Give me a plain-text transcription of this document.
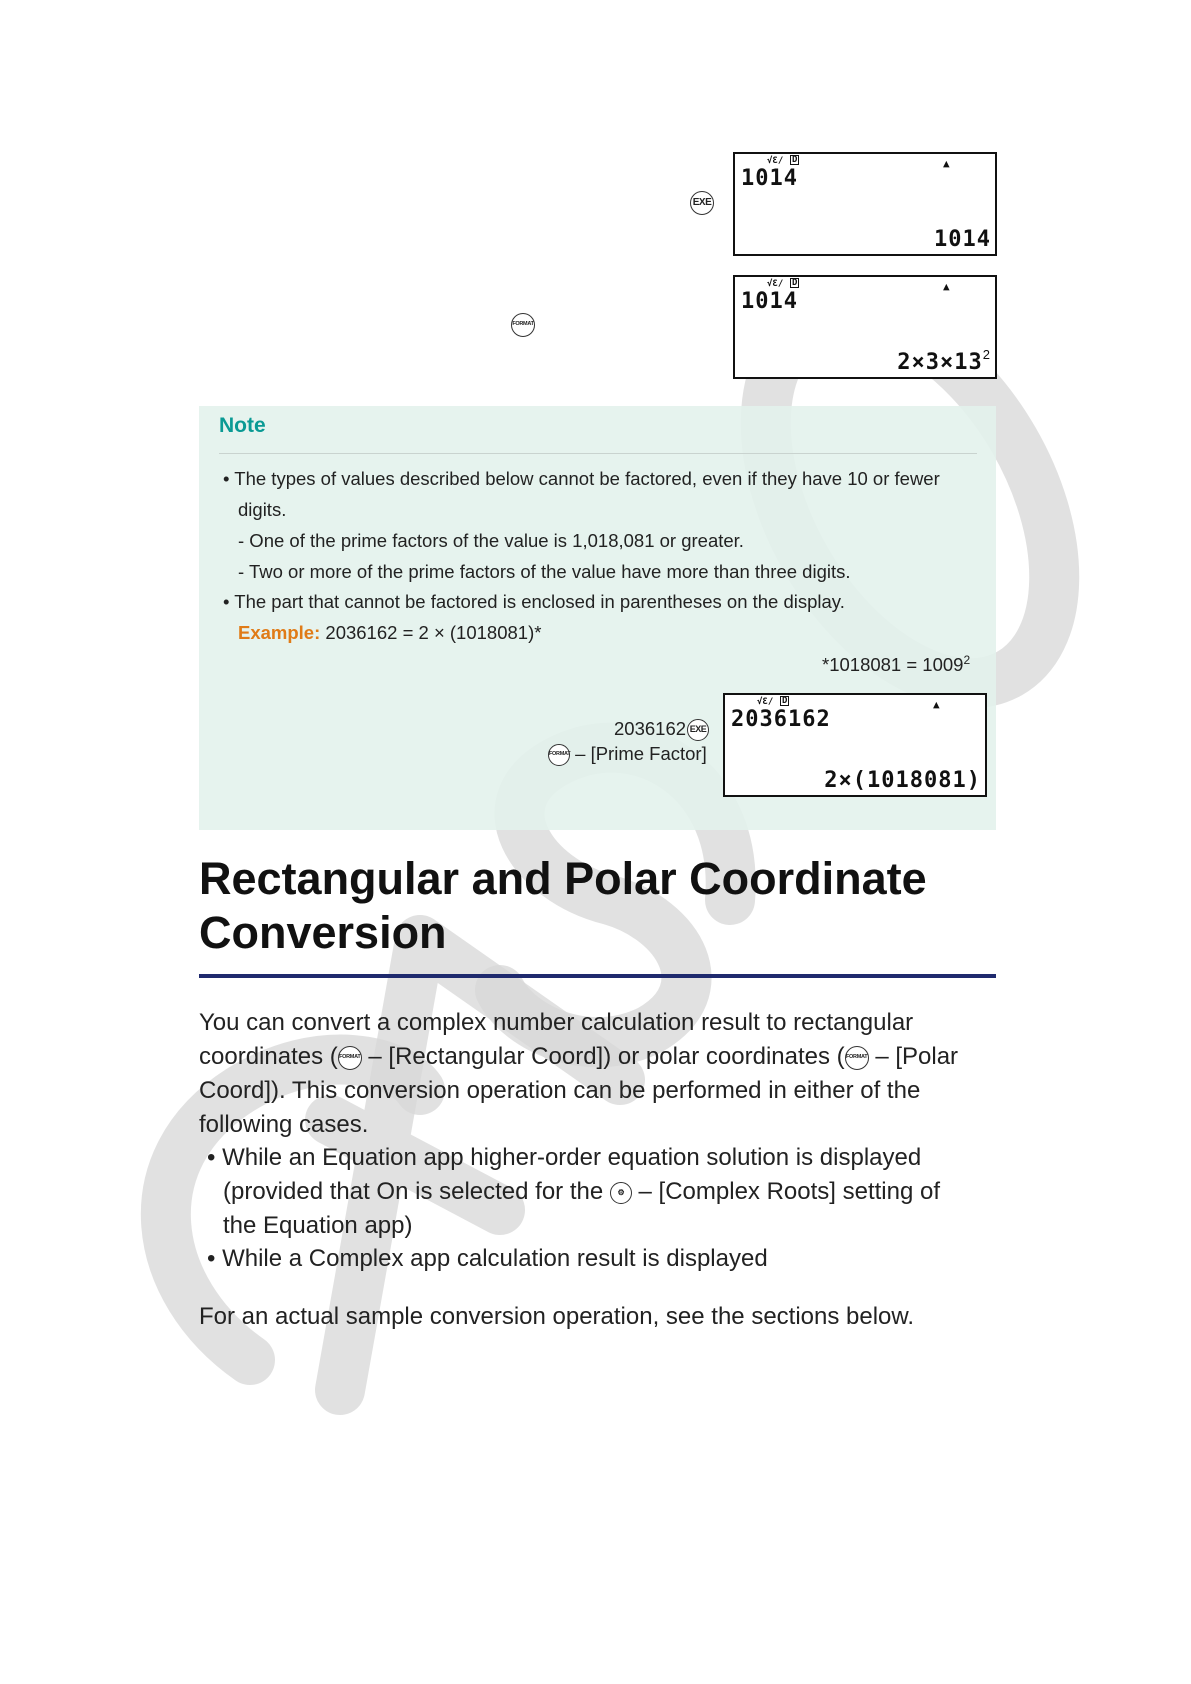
EXE
√Ɛ/ D	▲
1014
1014
FORMAT
√Ɛ/ D	▲
1014
$2\times 3\times 13^2$
Note
• The types of values described below cannot be factored, even if they have 10 or fewer
digits.
- One of the prime factors of the value is 1,018,081 or greater.
- Two or more of the prime factors of the value have more than three digits.
• The part that cannot be factored is enclosed in parentheses on the display.
Example: 2036162 = 2 × (1018081)*
$*1018081 = 1009^2$
2036162 EXE
FORMAT – [Prime Factor]
√Ɛ/ D	▲
2036162
2×(1018081)
Rectangular and Polar Coordinate
Conversion
You can convert a complex number calculation result to rectangular
coordinates (FORMAT – [Rectangular Coord]) or polar coordinates (FORMAT – [Polar
Coord]). This conversion operation can be performed in either of the
following cases.
• While an Equation app higher-order equation solution is displayed
(provided that On is selected for the ⚙ – [Complex Roots] setting of
the Equation app)
• While a Complex app calculation result is displayed
For an actual sample conversion operation, see the sections below.
